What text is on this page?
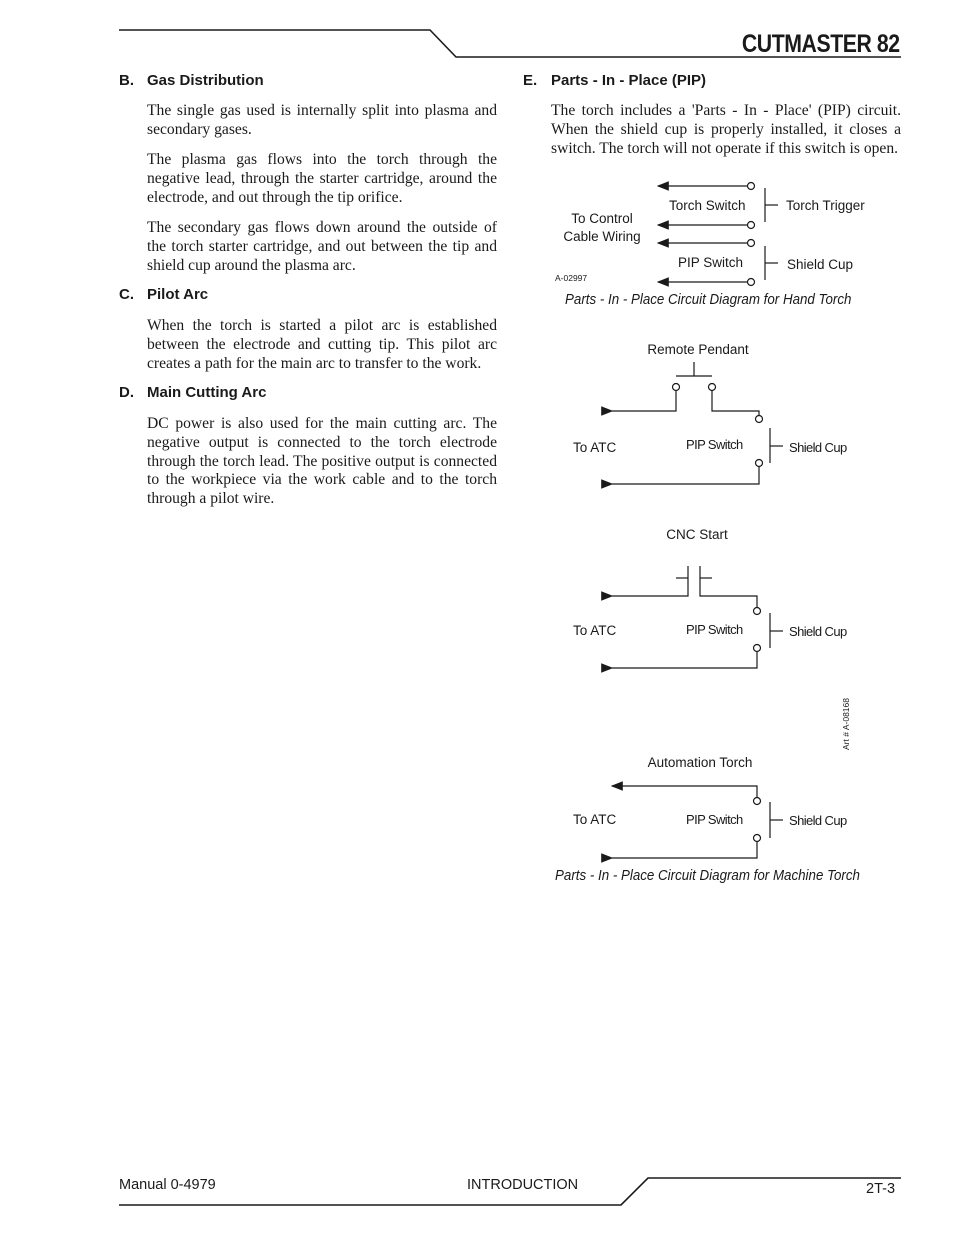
CUTMASTER 82
B. Gas Distribution

The single gas used is internally split into plasma and secondary gases.

The plasma gas flows into the torch through the negative lead, through the starter cartridge, around the electrode, and out through the tip orifice.

The secondary gas flows down around the outside of the torch starter cartridge, and out between the tip and shield cup around the plasma arc.

C. Pilot Arc

When the torch is started a pilot arc is established between the electrode and cutting tip. This pilot arc creates a path for the main arc to transfer to the work.

D. Main Cutting Arc

DC power is also used for the main cutting arc. The negative output is connected to the torch electrode through the torch lead. The positive output is connected to the workpiece via the work cable and to the torch through a pilot wire.

E. Parts - In - Place (PIP)

The torch includes a 'Parts - In - Place' (PIP) circuit. When the shield cup is properly installed, it closes a switch. The torch will not operate if this switch is open.

To Control
Cable Wiring
Torch Switch	Torch Trigger
PIP Switch	Shield Cup
A-02997
Remote Pendant
To ATC	PIP Switch	Shield Cup
CNC Start
To ATC	PIP Switch	Shield Cup
Art # A-08168
Automation Torch
To ATC	PIP Switch	Shield Cup
Parts - In - Place Circuit Diagram for Hand Torch
Parts - In - Place Circuit Diagram for Machine Torch
Manual 0-4979	INTRODUCTION	2T-3
